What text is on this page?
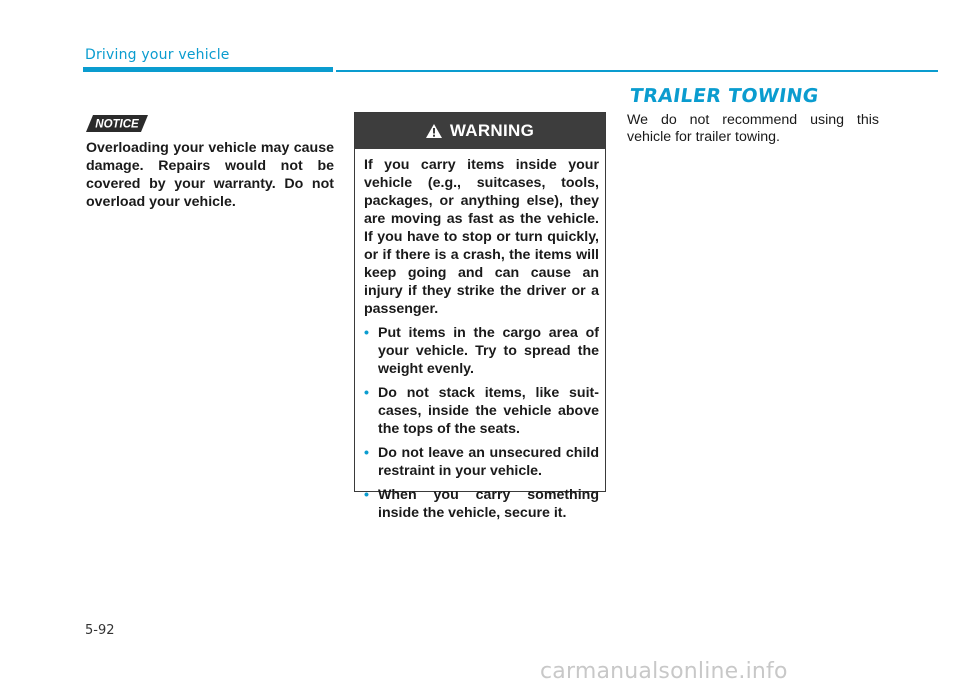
Driving your vehicle
NOTICE

Overloading your vehicle may cause damage. Repairs would not be covered by your warranty. Do not overload your vehicle.

WARNING

If you carry items inside your vehicle (e.g., suitcases, tools, packages, or anything else), they are moving as fast as the vehicle. If you have to stop or turn quickly, or if there is a crash, the items will keep going and can cause an injury if they strike the driver or a passenger.

• Put items in the cargo area of your vehicle. Try to spread the weight evenly.
• Do not stack items, like suit-cases, inside the vehicle above the tops of the seats.
• Do not leave an unsecured child restraint in your vehicle.
• When you carry something inside the vehicle, secure it.
TRAILER TOWING

We do not recommend using this vehicle for trailer towing.

5-92
carmanualsonline.info
